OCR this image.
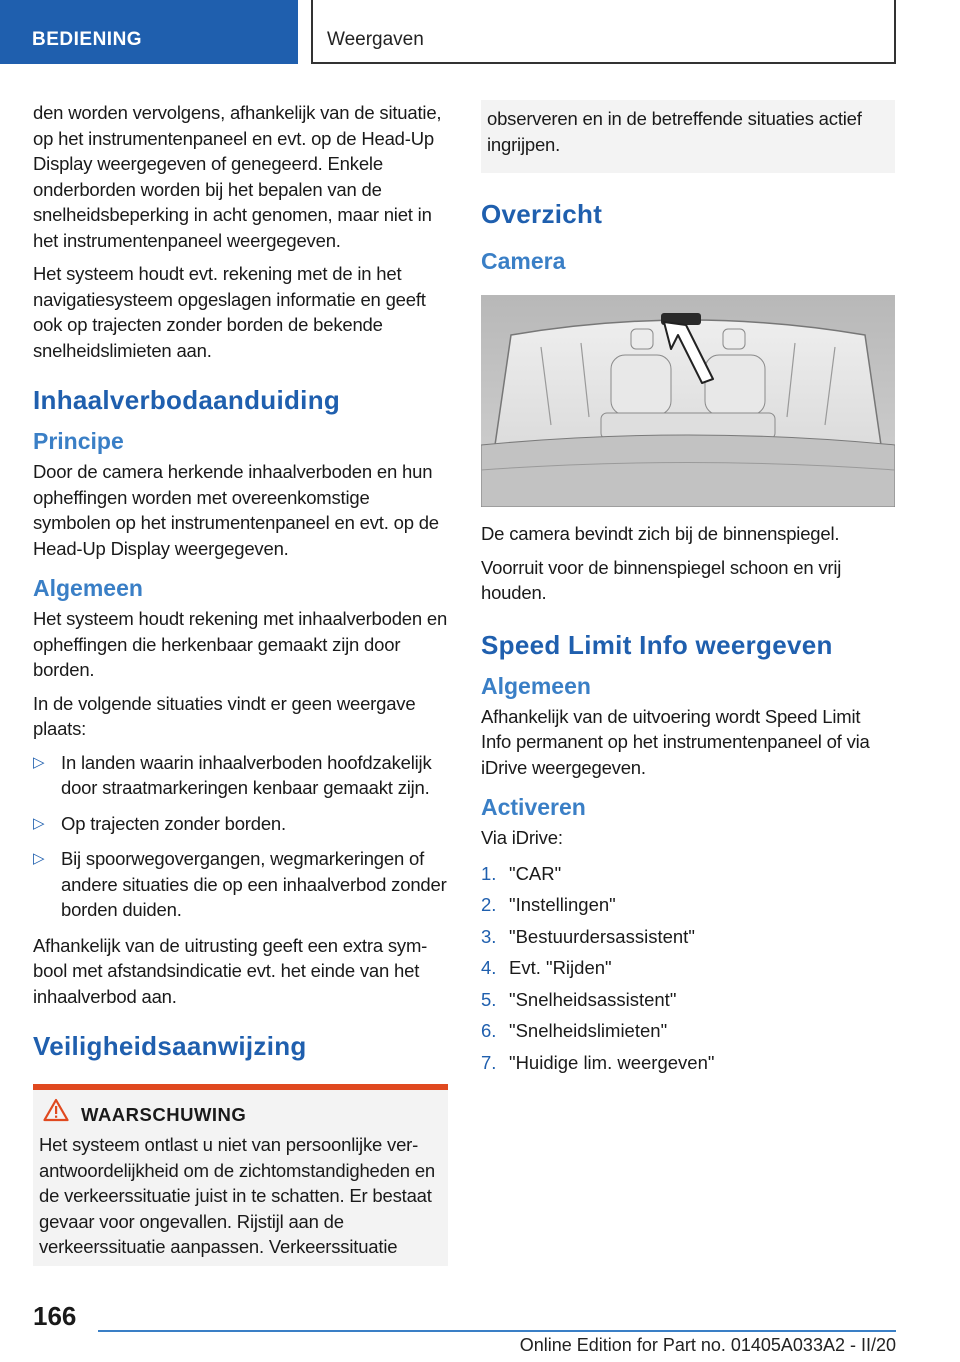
BEDIENING	Weergaven

den worden vervolgens, afhankelijk van de situatie, op het instrumentenpaneel en evt. op de Head-Up Display weergegeven of genegeerd. Enkele onderborden worden bij het bepalen van de snelheidsbeperking in acht genomen, maar niet in het instrumentenpaneel weergegeven.

Het systeem houdt evt. rekening met de in het navigatiesysteem opgeslagen informatie en geeft ook op trajecten zonder borden de bekende snelheidslimieten aan.

Inhaalverbodaanduiding
Principe

Door de camera herkende inhaalverboden en hun opheffingen worden met overeenkomstige symbolen op het instrumentenpaneel en evt. op de Head-Up Display weergegeven.

Algemeen

Het systeem houdt rekening met inhaalverboden en opheffingen die herkenbaar gemaakt zijn door borden.

In de volgende situaties vindt er geen weergave plaats:

▷ In landen waarin inhaalverboden hoofdzakelijk door straatmarkeringen kenbaar gemaakt zijn.
▷ Op trajecten zonder borden.
▷ Bij spoorwegovergangen, wegmarkeringen of andere situaties die op een inhaalverbod zonder borden duiden.

Afhankelijk van de uitrusting geeft een extra symbool met afstandsindicatie evt. het einde van het inhaalverbod aan.

Veiligheidsaanwijzing
WAARSCHUWING

Het systeem ontlast u niet van persoonlijke verantwoordelijkheid om de zichtomstandigheden en de verkeerssituatie juist in te schatten. Er bestaat gevaar voor ongevallen. Rijstijl aan de verkeerssituatie aanpassen. Verkeerssituatie

observeren en in de betreffende situaties actief ingrijpen.

Overzicht
Camera

De camera bevindt zich bij de binnenspiegel.

Voorruit voor de binnenspiegel schoon en vrij houden.

Speed Limit Info weergeven
Algemeen

Afhankelijk van de uitvoering wordt Speed Limit Info permanent op het instrumentenpaneel of via iDrive weergegeven.

Activeren

Via iDrive:

1. "CAR"
2. "Instellingen"
3. "Bestuurdersassistent"
4. Evt. "Rijden"
5. "Snelheidsassistent"
6. "Snelheidslimieten"
7. "Huidige lim. weergeven"
166
Online Edition for Part no. 01405A033A2 - II/20
